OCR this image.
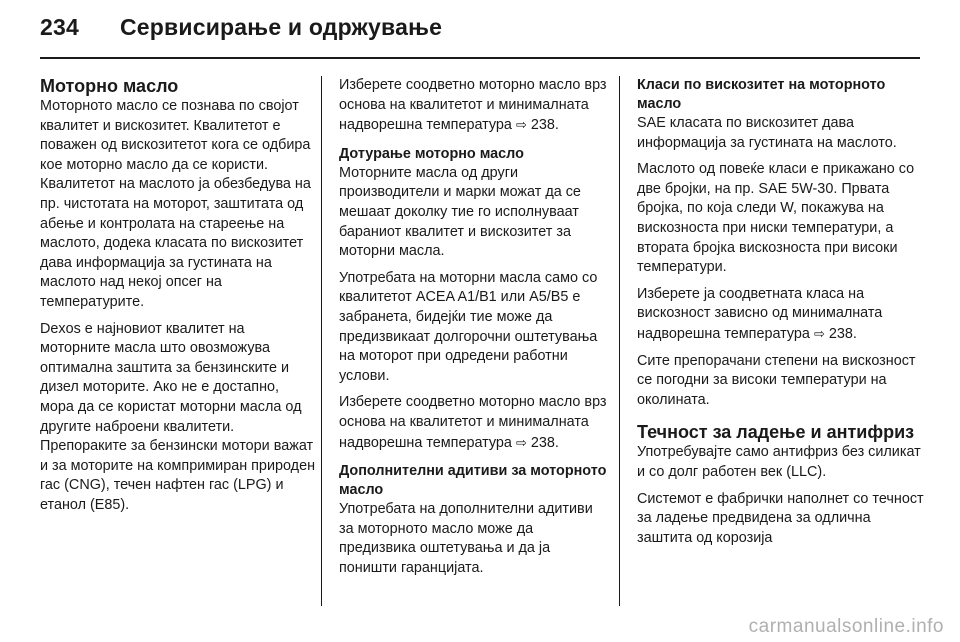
234 Сервисирање и одржување
Моторно масло

Моторното масло се познава по својот квалитет и вискозитет. Квалитетот е поважен од вискозитетот кога се одбира кое моторно масло да се користи. Квалитетот на маслото ја обезбедува на пр. чистотата на моторот, заштитата од абење и контролата на стареење на маслото, додека класата по вискозитет дава информација за густината на маслото над некој опсег на температурите.

Dexos е најновиот квалитет на моторните масла што овозможува оптимална заштита за бензинските и дизел моторите. Ако не е достапно, мора да се користат моторни масла од другите наброени квалитети. Препораките за бензински мотори важат и за моторите на компримиран природен гас (CNG), течен нафтен гас (LPG) и етанол (E85).

Изберете соодветно моторно масло врз основа на квалитетот и минималната надворешна температура ⇨ 238.

Дотурање моторно масло

Моторните масла од други производители и марки можат да се мешаат доколку тие го исполнуваат бараниот квалитет и вискозитет за моторни масла.

Употребата на моторни масла само со квалитетот ACEA A1/B1 или A5/B5 е забранета, бидејќи тие може да предизвикаат долгорочни оштетувања на моторот при одредени работни услови.

Изберете соодветно моторно масло врз основа на квалитетот и минималната надворешна температура ⇨ 238.

Дополнителни адитиви за моторното масло

Употребата на дополнителни адитиви за моторното масло може да предизвика оштетувања и да ја поништи гаранцијата.

Класи по вискозитет на моторното масло

SAE класата по вискозитет дава информација за густината на маслото.

Маслото од повеќе класи е прикажано со две бројки, на пр. SAE 5W-30. Првата бројка, по која следи W, покажува на вискозноста при ниски температури, а втората бројка вискозноста при високи температури.

Изберете ја соодветната класа на вискозност зависно од минималната надворешна температура ⇨ 238.

Сите препорачани степени на вискозност се погодни за високи температури на околината.

Течност за ладење и антифриз

Употребувајте само антифриз без силикат и со долг работен век (LLC).

Системот е фабрички наполнет со течност за ладење предвидена за одлична заштита од корозија

carmanualsonline.info
